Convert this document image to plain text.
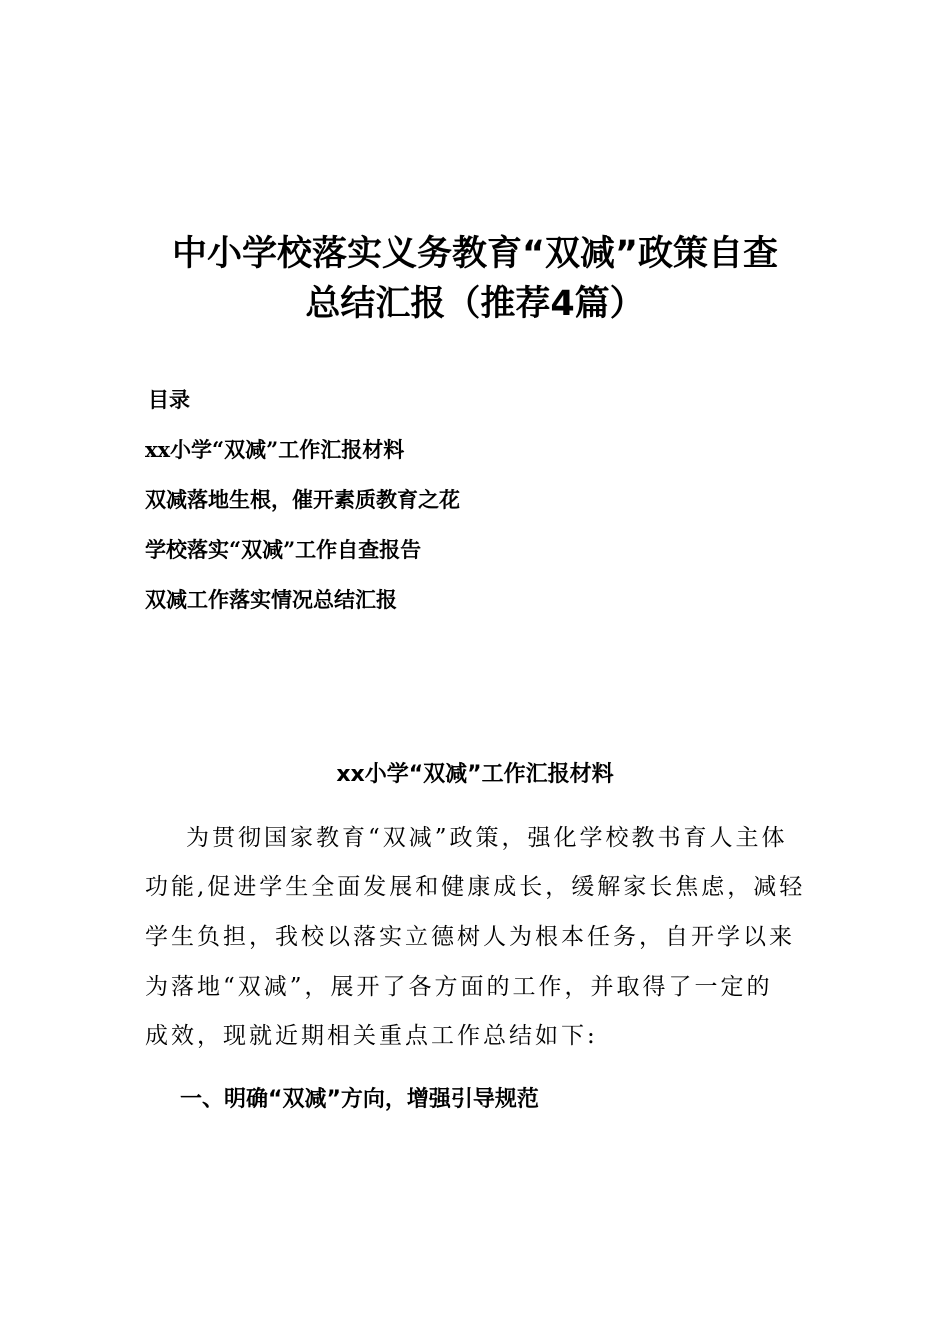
中小学校落实义务教育“双减”政策自查
总结汇报（推荐4篇）
目录
xx小学“双减”工作汇报材料
双减落地生根，催开素质教育之花
学校落实“双减”工作自查报告
双减工作落实情况总结汇报
xx小学“双减”工作汇报材料
为贯彻国家教育“双减”政策，强化学校教书育人主体
功能,促进学生全面发展和健康成长，缓解家长焦虑，减轻
学生负担，我校以落实立德树人为根本任务，自开学以来
为落地“双减”，展开了各方面的工作，并取得了一定的
成效，现就近期相关重点工作总结如下:
一、明确“双减”方向，增强引导规范
